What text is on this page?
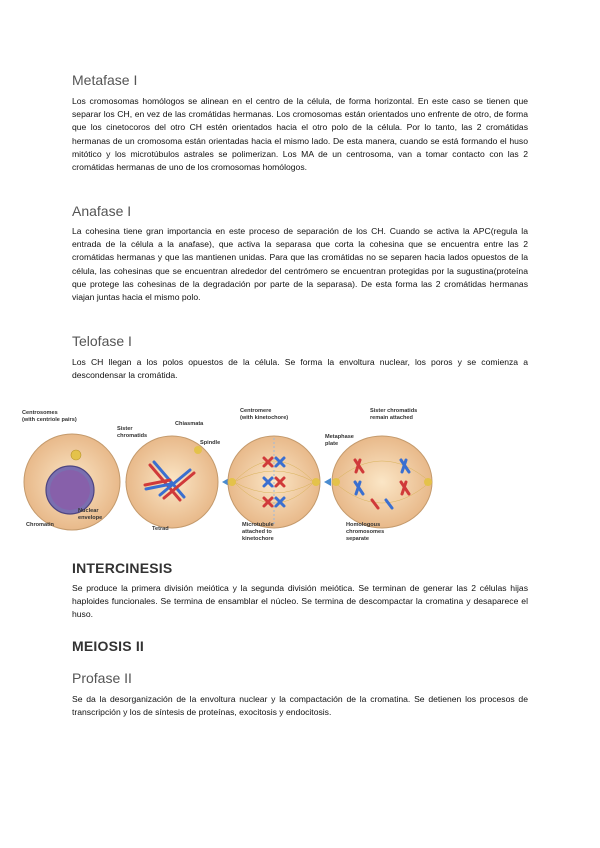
Metafase I

Los cromosomas homólogos se alinean en el centro de la célula, de forma horizontal. En este caso se tienen que separar los CH, en vez de las cromátidas hermanas. Los cromosomas están orientados uno enfrente de otro, de forma que los cinetocoros del otro CH estén orientados hacia el otro polo de la célula. Por lo tanto, las 2 cromátidas hermanas de un cromosoma están orientadas hacia el mismo lado. De esta manera, cuando se está formando el huso mitótico y los microtúbulos astrales se polimerizan. Los MA de un centrosoma, van a tomar contacto con las 2 cromátidas hermanas de uno de los cromosomas homólogos.

Anafase I

La cohesina tiene gran importancia en este proceso de separación de los CH. Cuando se activa la APC(regula la entrada de la célula a la anafase), que activa la separasa que corta la cohesina que se encuentra entre las 2 cromátidas hermanas y que las mantienen unidas. Para que las cromátidas no se separen hacia lados opuestos de la célula, las cohesinas que se encuentran alrededor del centrómero se encuentran protegidas por la sugustina(proteína que protege las cohesinas de la degradación por parte de la separasa). De esta forma las 2 cromátidas hermanas viajan juntas hacia el mismo polo.

Telofase I

Los CH llegan a los polos opuestos de la célula. Se forma la envoltura nuclear, los poros y se comienza a descondensar la cromátida.

INTERCINESIS

Se produce la primera división meiótica y la segunda división meiótica. Se terminan de generar las 2 células hijas haploides funcionales. Se termina de ensamblar el núcleo. Se termina de descompactar la cromatina y desaparece el huso.

MEIOSIS II
Profase II

Se da la desorganización de la envoltura nuclear y la compactación de la cromatina. Se detienen los procesos de transcripción y los de síntesis de proteínas, exocitosis y endocitosis.

Centrosomes
(with centriole pairs)
Sister
chromatids
Chiasmata
Spindle
Centromere
(with kinetochore)
Metaphase
plate
Sister chromatids
remain attached
Nuclear
envelope
Chromatin
Tetrad
Microtubule
attached to
kinetochore
Homologous
chromosomes
separate
